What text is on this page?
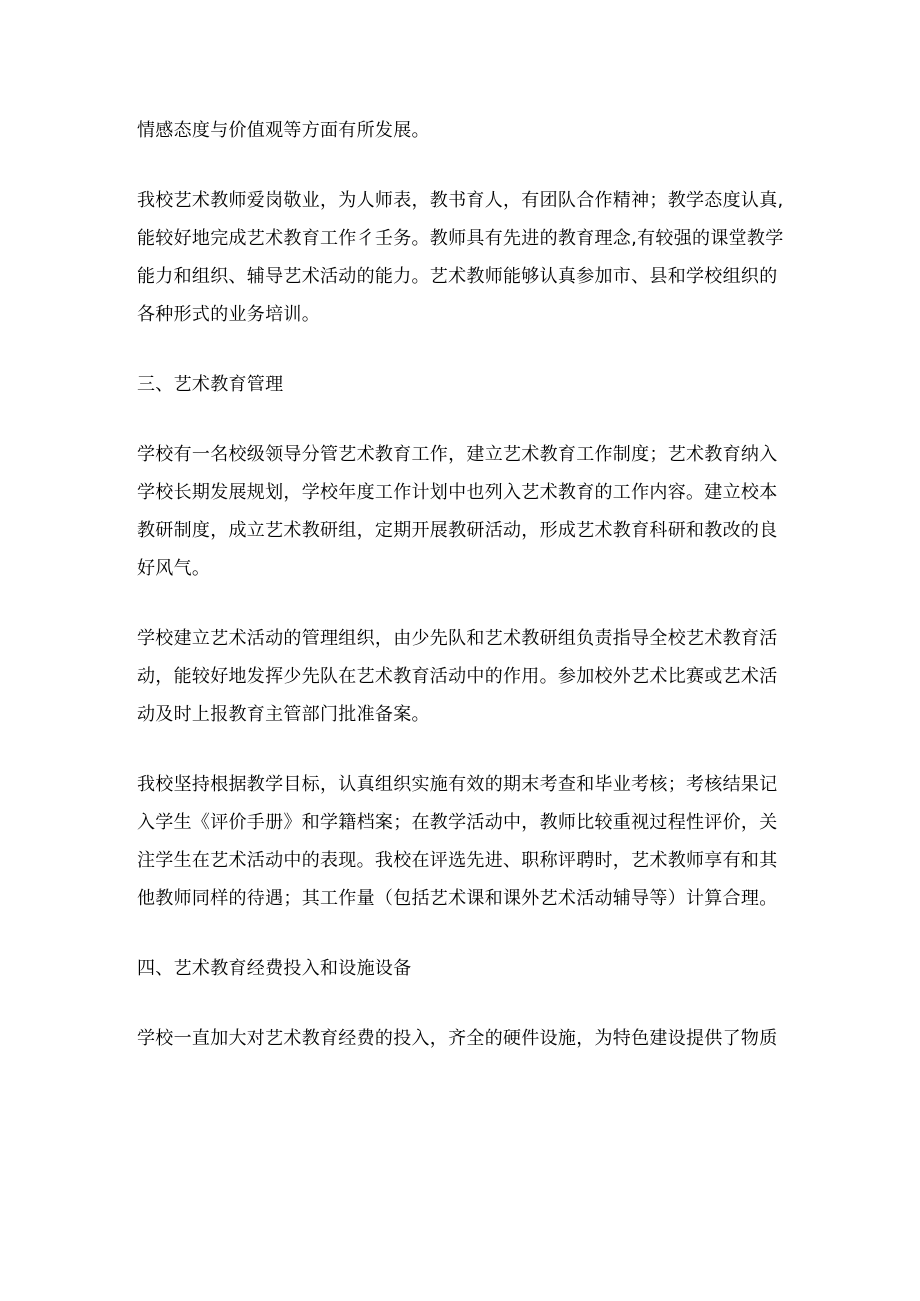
情感态度与价值观等方面有所发展。

我校艺术教师爱岗敬业，为人师表，教书育人，有团队合作精神；教学态度认真,
能较好地完成艺术教育工作彳壬务。教师具有先进的教育理念,有较强的课堂教学
能力和组织、辅导艺术活动的能力。艺术教师能够认真参加市、县和学校组织的
各种形式的业务培训。

三、艺术教育管理

学校有一名校级领导分管艺术教育工作，建立艺术教育工作制度；艺术教育纳入
学校长期发展规划，学校年度工作计划中也列入艺术教育的工作内容。建立校本
教研制度，成立艺术教研组，定期开展教研活动，形成艺术教育科研和教改的良
好风气。

学校建立艺术活动的管理组织，由少先队和艺术教研组负责指导全校艺术教育活
动，能较好地发挥少先队在艺术教育活动中的作用。参加校外艺术比赛或艺术活
动及时上报教育主管部门批准备案。

我校坚持根据教学目标，认真组织实施有效的期末考查和毕业考核；考核结果记
入学生《评价手册》和学籍档案；在教学活动中，教师比较重视过程性评价，关
注学生在艺术活动中的表现。我校在评选先进、职称评聘时，艺术教师享有和其
他教师同样的待遇；其工作量（包括艺术课和课外艺术活动辅导等）计算合理。

四、艺术教育经费投入和设施设备

学校一直加大对艺术教育经费的投入，齐全的硬件设施，为特色建设提供了物质
